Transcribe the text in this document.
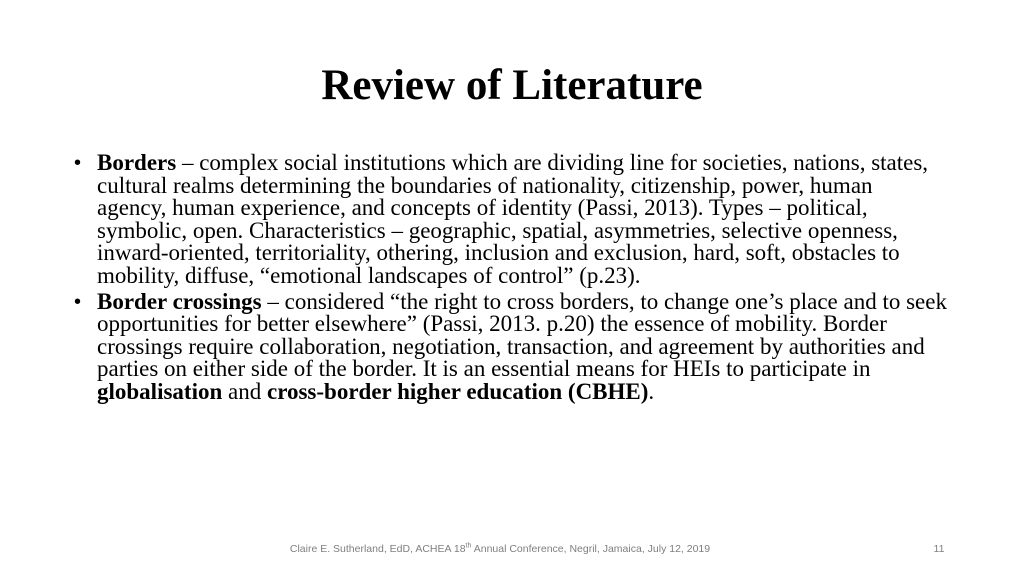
Review of Literature
• Borders – complex social institutions which are dividing line for societies, nations, states, cultural realms determining the boundaries of nationality, citizenship, power, human agency, human experience, and concepts of identity (Passi, 2013). Types – political, symbolic, open. Characteristics – geographic, spatial, asymmetries, selective openness, inward-oriented, territoriality, othering, inclusion and exclusion, hard, soft, obstacles to mobility, diffuse, “emotional landscapes of control” (p.23).
• Border crossings – considered “the right to cross borders, to change one’s place and to seek opportunities for better elsewhere” (Passi, 2013. p.20) the essence of mobility. Border crossings require collaboration, negotiation, transaction, and agreement by authorities and parties on either side of the border. It is an essential means for HEIs to participate in globalisation and cross-border higher education (CBHE).
Claire E. Sutherland, EdD, ACHEA 18th Annual Conference, Negril, Jamaica, July 12, 2019	11
